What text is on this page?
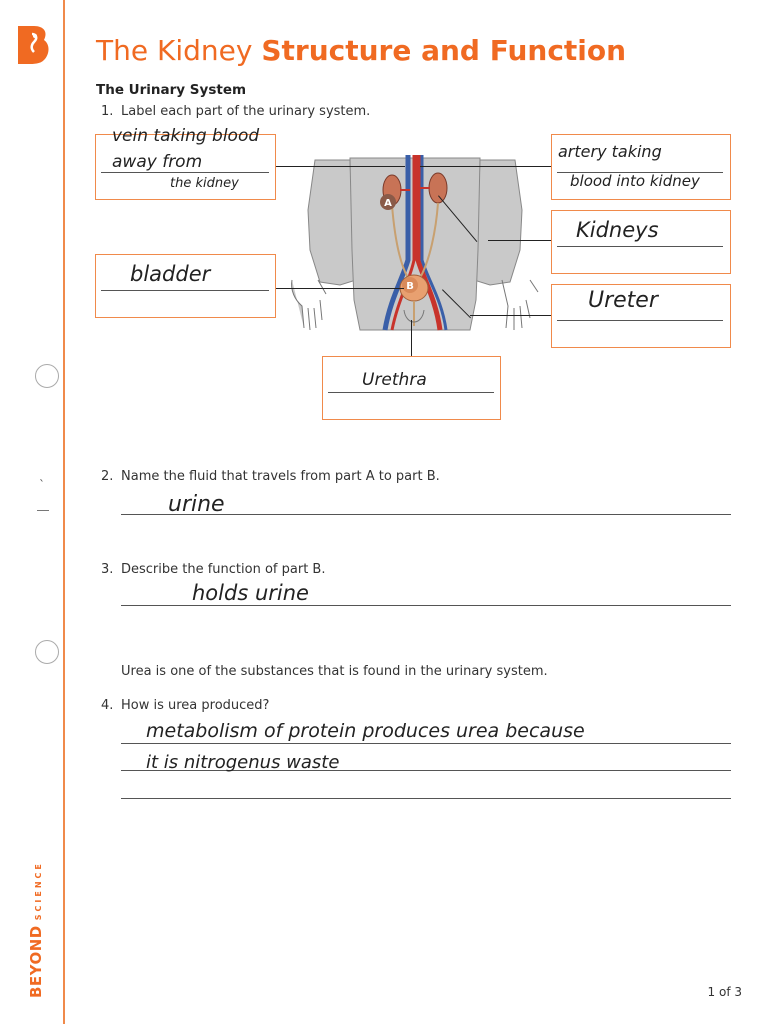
`
BEYONDSCIENCE
The Kidney Structure and Function
The Urinary System
1. Label each part of the urinary system.
A
B
vein taking blood
away from
the kidney
artery taking
blood into kidney
Kidneys
bladder
Ureter
Urethra
2. Name the fluid that travels from part A to part B.
urine
3. Describe the function of part B.
holds urine
Urea is one of the substances that is found in the urinary system.
4. How is urea produced?
metabolism of protein produces urea because
it is nitrogenus waste
1 of 3
